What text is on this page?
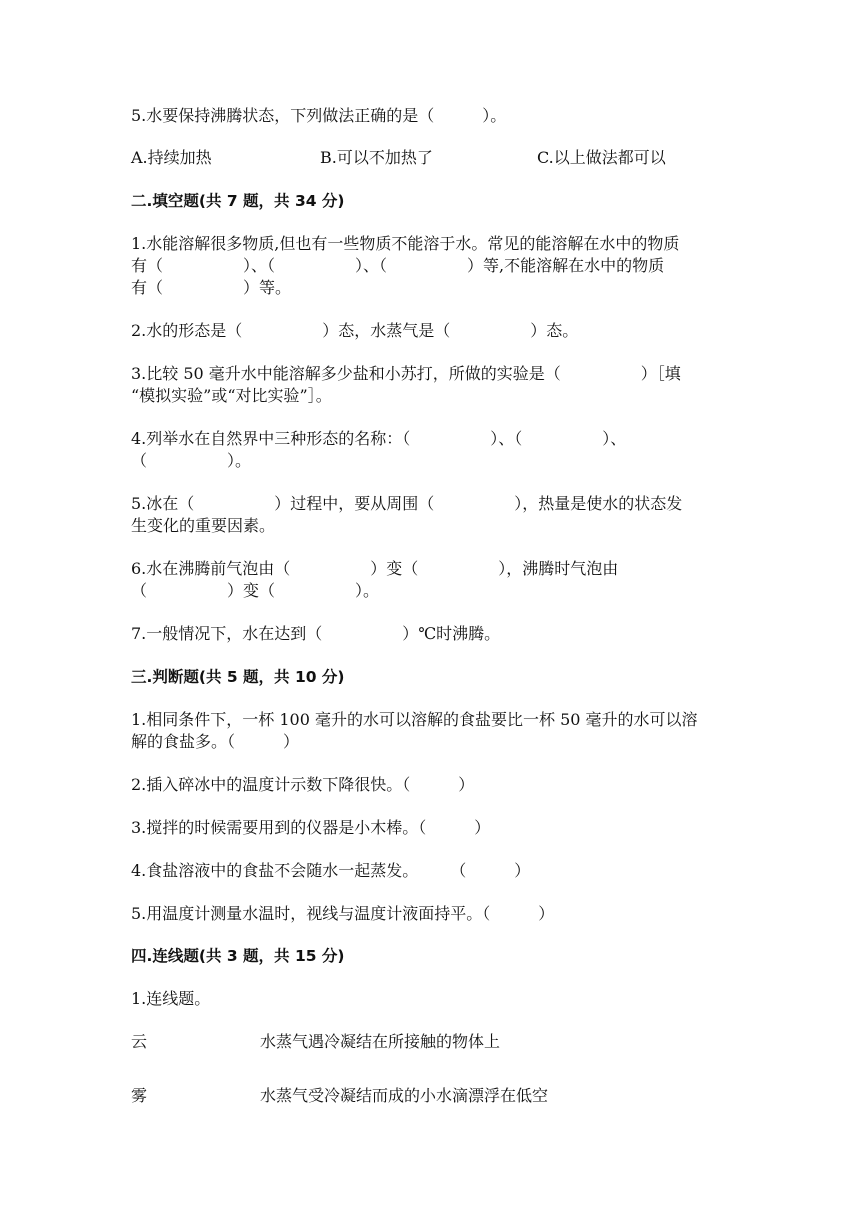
5.水要保持沸腾状态，下列做法正确的是（　　　）。
A.持续加热	B.可以不加热了	C.以上做法都可以
二.填空题(共 7 题，共 34 分)
1.水能溶解很多物质,但也有一些物质不能溶于水。常见的能溶解在水中的物质
有（　　　　　）、（　　　　　）、（　　　　　）等,不能溶解在水中的物质
有（　　　　　）等。
2.水的形态是（　　　　　）态，水蒸气是（　　　　　）态。
3.比较 50 毫升水中能溶解多少盐和小苏打，所做的实验是（　　　　　）［填
“模拟实验”或“对比实验”］。
4.列举水在自然界中三种形态的名称：（　　　　　）、（　　　　　）、
（　　　　　）。
5.冰在（　　　　　）过程中，要从周围（　　　　　），热量是使水的状态发
生变化的重要因素。
6.水在沸腾前气泡由（　　　　　）变（　　　　　），沸腾时气泡由
（　　　　　）变（　　　　　）。
7.一般情况下，水在达到（　　　　　）℃时沸腾。
三.判断题(共 5 题，共 10 分)
1.相同条件下，一杯 100 毫升的水可以溶解的食盐要比一杯 50 毫升的水可以溶
解的食盐多。（　　　）
2.插入碎冰中的温度计示数下降很快。（　　　）
3.搅拌的时候需要用到的仪器是小木棒。（　　　）
4.食盐溶液中的食盐不会随水一起蒸发。　　　（　　　）
5.用温度计测量水温时，视线与温度计液面持平。（　　　）
四.连线题(共 3 题，共 15 分)
1.连线题。
云	水蒸气遇冷凝结在所接触的物体上
雾	水蒸气受冷凝结而成的小水滴漂浮在低空
